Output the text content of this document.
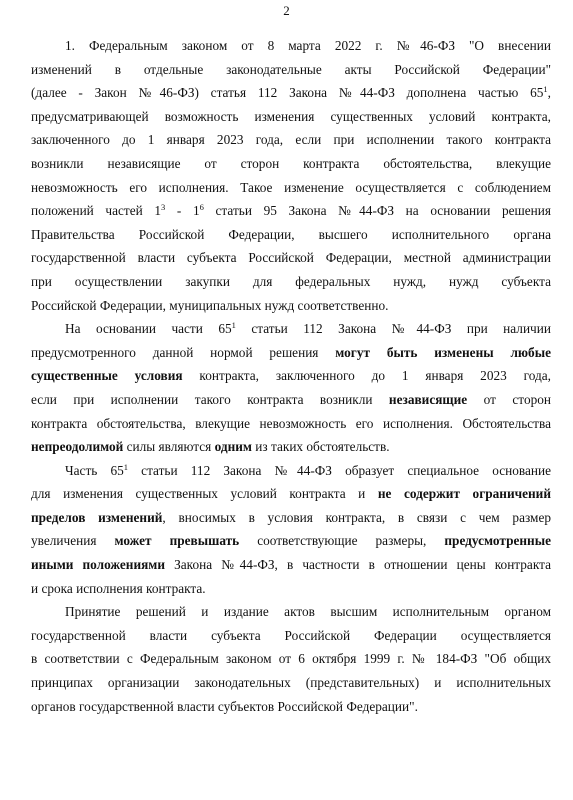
2
1. Федеральным законом от 8 марта 2022 г. №46-ФЗ "О внесении
изменений в отдельные законодательные акты Российской Федерации"
(далее - Закон №46-ФЗ) статья 112 Закона №44-ФЗ дополнена частью $65^1$,
предусматривающей возможность изменения существенных условий контракта,
заключенного до 1 января 2023 года, если при исполнении такого контракта
возникли независящие от сторон контракта обстоятельства, влекущие
невозможность его исполнения. Такое изменение осуществляется с соблюдением
положений частей $1^3 - 1^6$ статьи 95 Закона №44-ФЗ на основании решения
Правительства Российской Федерации, высшего исполнительного органа
государственной власти субъекта Российской Федерации, местной администрации
при осуществлении закупки для федеральных нужд, нужд субъекта
Российской Федерации, муниципальных нужд соответственно.
На основании части $65^1$ статьи 112 Закона №44-ФЗ при наличии
предусмотренного данной нормой решения могут быть изменены любые
существенные условия контракта, заключенного до 1 января 2023 года,
если при исполнении такого контракта возникли независящие от сторон
контракта обстоятельства, влекущие невозможность его исполнения. Обстоятельства
непреодолимой силы являются одним из таких обстоятельств.
Часть $65^1$ статьи 112 Закона №44-ФЗ образует специальное основание
для изменения существенных условий контракта и не содержит ограничений
пределов изменений, вносимых в условия контракта, в связи с чем размер
увеличения может превышать соответствующие размеры, предусмотренные
иными положениями Закона №44-ФЗ, в частности в отношении цены контракта
и срока исполнения контракта.
Принятие решений и издание актов высшим исполнительным органом
государственной власти субъекта Российской Федерации осуществляется
в соответствии с Федеральным законом от 6 октября 1999 г. № 184-ФЗ "Об общих
принципах организации законодательных (представительных) и исполнительных
органов государственной власти субъектов Российской Федерации".
